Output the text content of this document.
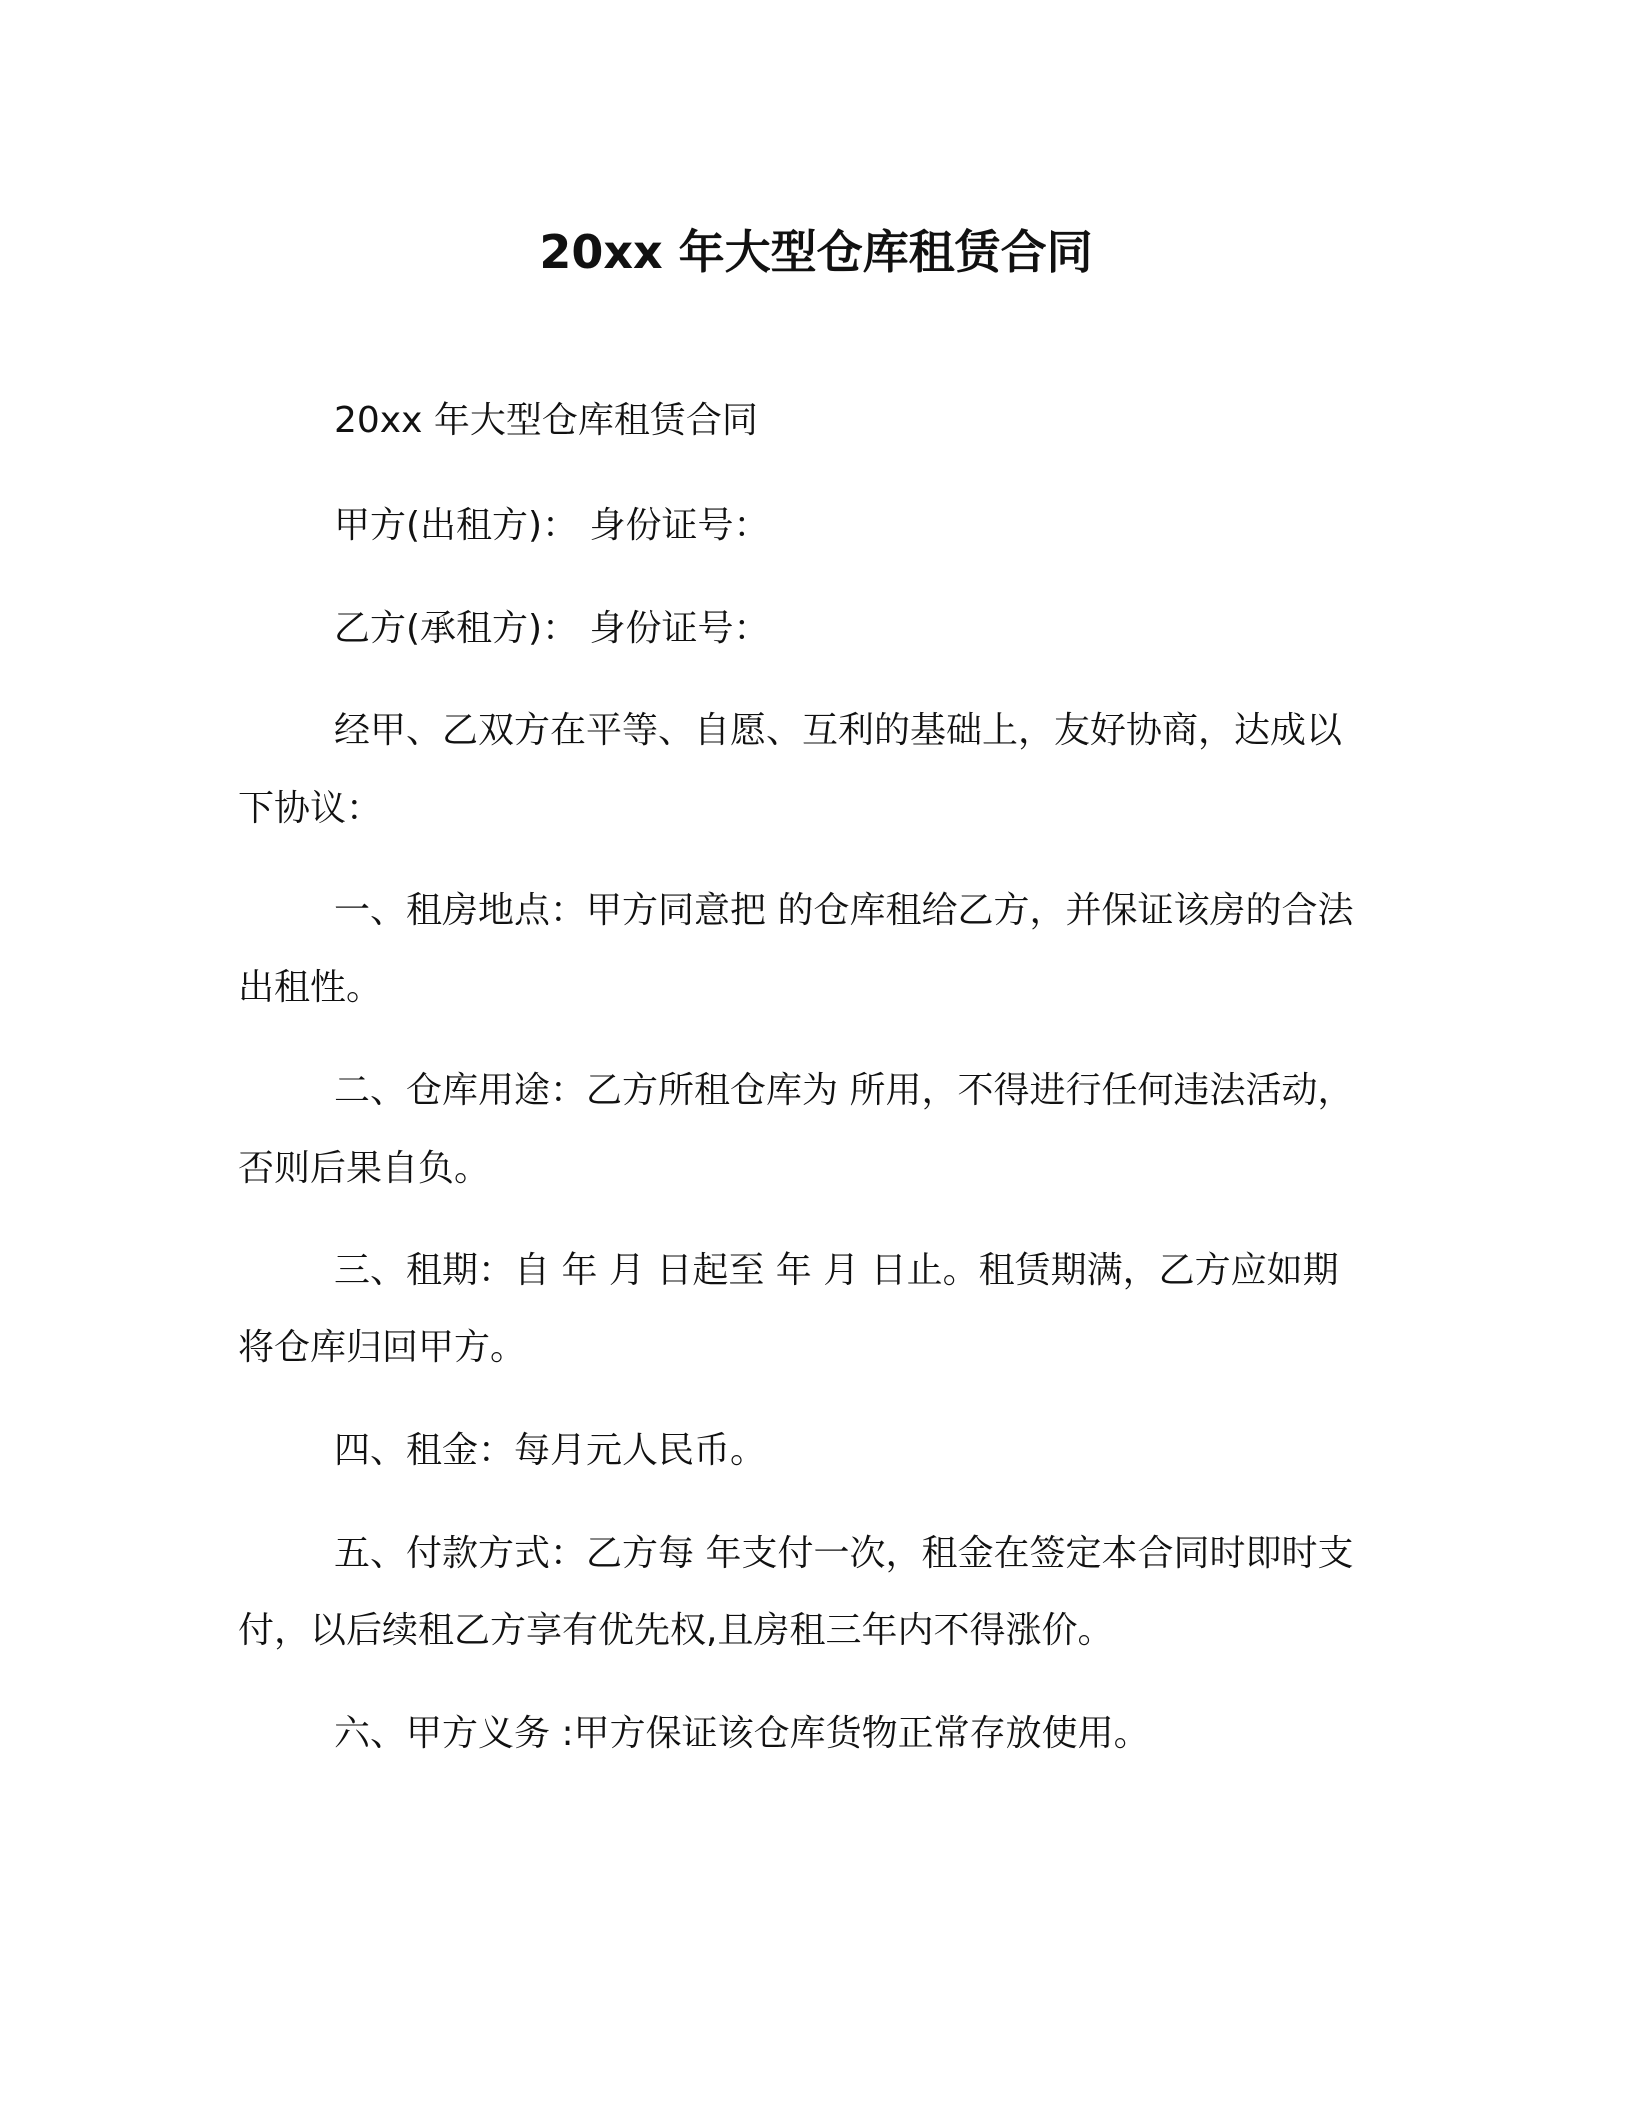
20xx 年大型仓库租赁合同
20xx 年大型仓库租赁合同
甲方(出租方)： 身份证号：
乙方(承租方)： 身份证号：
经甲、乙双方在平等、自愿、互利的基础上，友好协商，达成以
下协议：
一、租房地点：甲方同意把 的仓库租给乙方，并保证该房的合法
出租性。
二、仓库用途：乙方所租仓库为 所用，不得进行任何违法活动，
否则后果自负。
三、租期：自 年 月 日起至 年 月 日止。租赁期满，乙方应如期
将仓库归回甲方。
四、租金：每月元人民币。
五、付款方式：乙方每 年支付一次，租金在签定本合同时即时支
付，以后续租乙方享有优先权,且房租三年内不得涨价。
六、甲方义务 :甲方保证该仓库货物正常存放使用。
